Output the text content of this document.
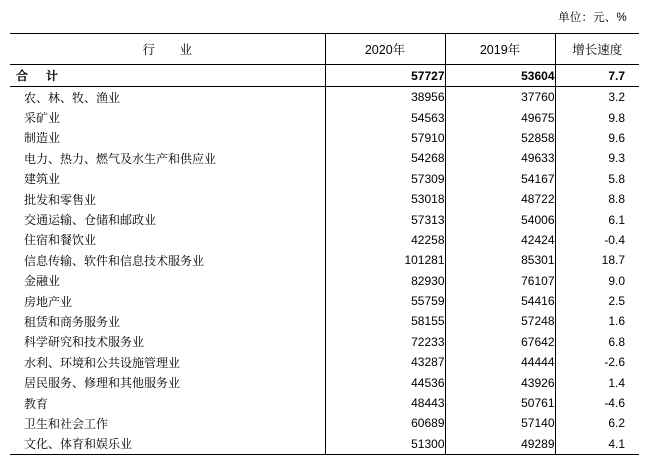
单位：元、%
行　业	2020年	2019年	增长速度
合　计	57727	53604	7.7
农、林、牧、渔业	38956	37760	3.2
采矿业	54563	49675	9.8
制造业	57910	52858	9.6
电力、热力、燃气及水生产和供应业	54268	49633	9.3
建筑业	57309	54167	5.8
批发和零售业	53018	48722	8.8
交通运输、仓储和邮政业	57313	54006	6.1
住宿和餐饮业	42258	42424	-0.4
信息传输、软件和信息技术服务业	101281	85301	18.7
金融业	82930	76107	9.0
房地产业	55759	54416	2.5
租赁和商务服务业	58155	57248	1.6
科学研究和技术服务业	72233	67642	6.8
水利、环境和公共设施管理业	43287	44444	-2.6
居民服务、修理和其他服务业	44536	43926	1.4
教育	48443	50761	-4.6
卫生和社会工作	60689	57140	6.2
文化、体育和娱乐业	51300	49289	4.1
